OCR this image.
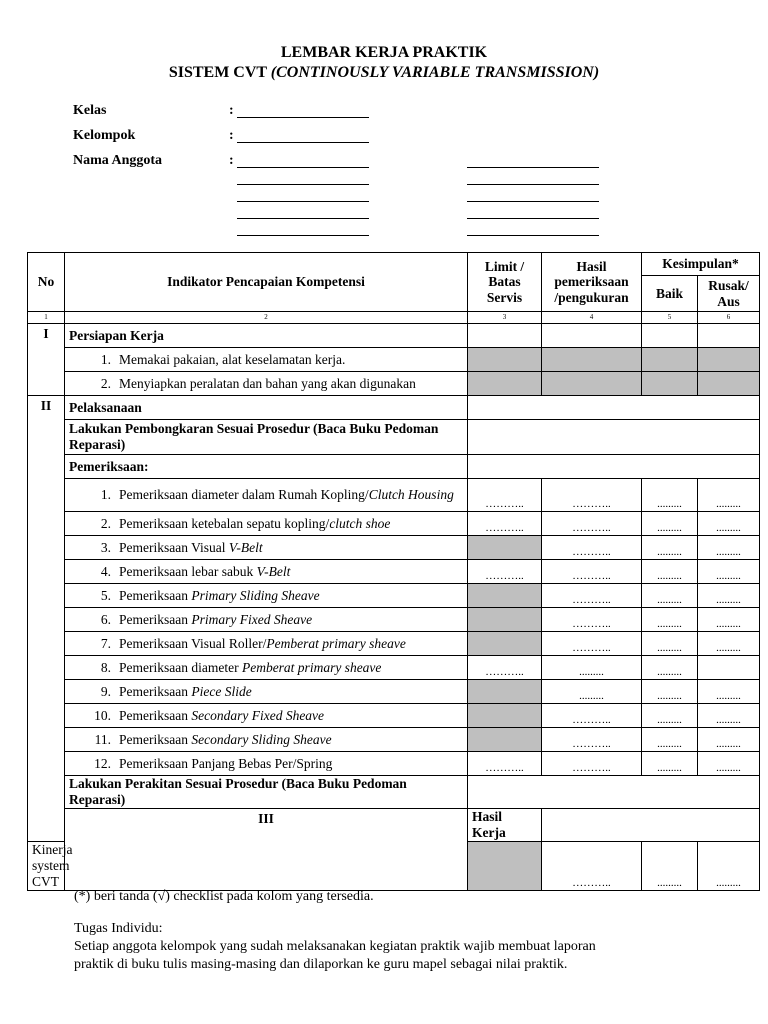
LEMBAR KERJA PRAKTIK
SISTEM CVT (CONTINOUSLY VARIABLE TRANSMISSION)
Kelas	:
Kelompok	:
Nama Anggota	:
No	Indikator Pencapaian Kompetensi	Limit / Batas Servis	Hasil pemeriksaan /pengukuran	Kesimpulan*	
				Baik	Rusak/ Aus
1	2	3	4	5	6
I	Persiapan Kerja				

	1. Memakai pakaian, alat keselamatan kerja.				

	2. Menyiapkan peralatan dan bahan yang akan digunakan				

II	Pelaksanaan				
	Lakukan Pembongkaran Sesuai Prosedur (Baca Buku Pedoman Reparasi)				
	Pemeriksaan:				

	1. Pemeriksaan diameter dalam Rumah Kopling/Clutch Housing	………..	………..	.........	.........

	2. Pemeriksaan ketebalan sepatu kopling/clutch shoe	………..	………..	.........	.........

	3. Pemeriksaan Visual V-Belt		………..	.........	.........

	4. Pemeriksaan lebar sabuk V-Belt	………..	………..	.........	.........

	5. Pemeriksaan Primary Sliding Sheave		………..	.........	.........

	6. Pemeriksaan Primary Fixed Sheave		………..	.........	.........

	7. Pemeriksaan Visual Roller/Pemberat primary sheave		………..	.........	.........

	8. Pemeriksaan diameter Pemberat primary sheave	………..	.........	.........	

	9. Pemeriksaan Piece Slide		.........	.........	.........

	10. Pemeriksaan Secondary Fixed Sheave		………..	.........	.........

	11. Pemeriksaan Secondary Sliding Sheave		………..	.........	.........

	12. Pemeriksaan Panjang Bebas Per/Spring	………..	………..	.........	.........
	Lakukan Perakitan Sesuai Prosedur (Baca Buku Pedoman Reparasi)				
	III	Hasil Kerja			
Kinerja system CVT			………..	.........	.........
(*) beri tanda (√) checklist pada kolom yang tersedia.
Tugas Individu:
Setiap anggota kelompok yang sudah melaksanakan kegiatan praktik wajib membuat laporan
praktik di buku tulis masing-masing dan dilaporkan ke guru mapel sebagai nilai praktik.
